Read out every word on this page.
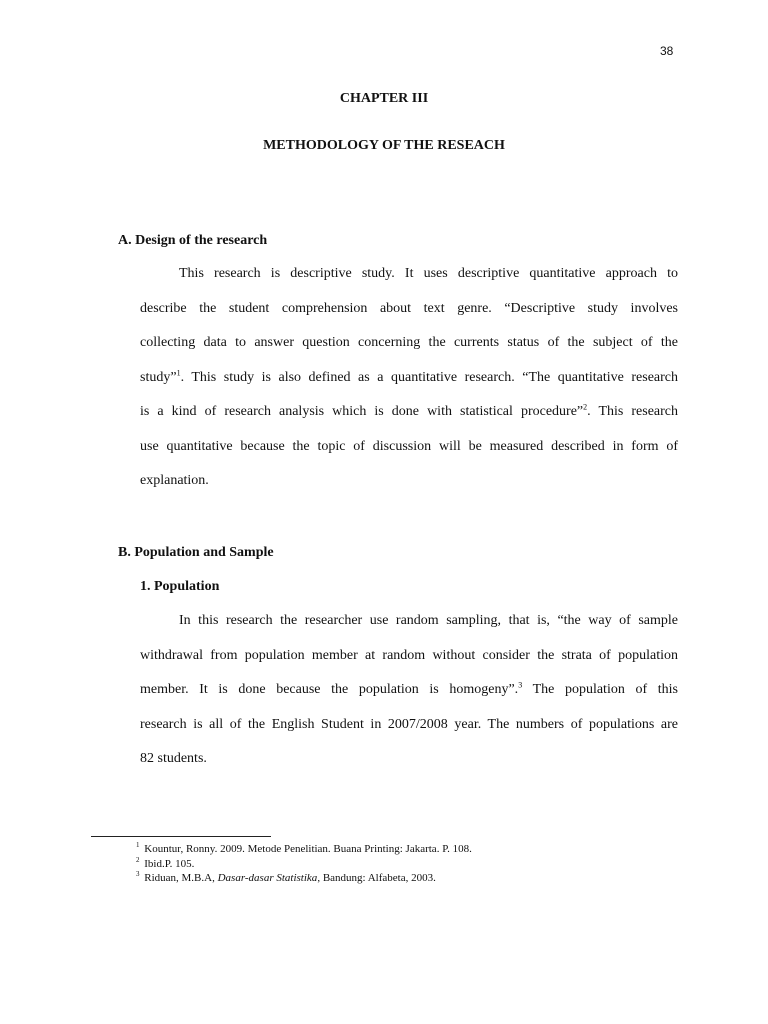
38
CHAPTER III
METHODOLOGY OF THE RESEACH
A. Design of the research
This research is descriptive study. It uses descriptive quantitative approach to
describe the student comprehension about text genre. “Descriptive study involves
collecting data to answer question concerning the currents status of the subject of the
study”$^1$. This study is also defined as a quantitative research. “The quantitative research
is a kind of research analysis which is done with statistical procedure”$^2$. This research
use quantitative because the topic of discussion will be measured described in form of
explanation.
B. Population and Sample
1. Population
In this research the researcher use random sampling, that is, “the way of sample
withdrawal from population member at random without consider the strata of population
member. It is done because the population is homogeny”.$^3$ The population of this
research is all of the English Student in 2007/2008 year. The numbers of populations are
82 students.
$^1$ Kountur, Ronny. 2009. Metode Penelitian. Buana Printing: Jakarta. P. 108.
$^2$ Ibid.P. 105.
$^3$ Riduan, M.B.A, Dasar-dasar Statistika, Bandung: Alfabeta, 2003.
